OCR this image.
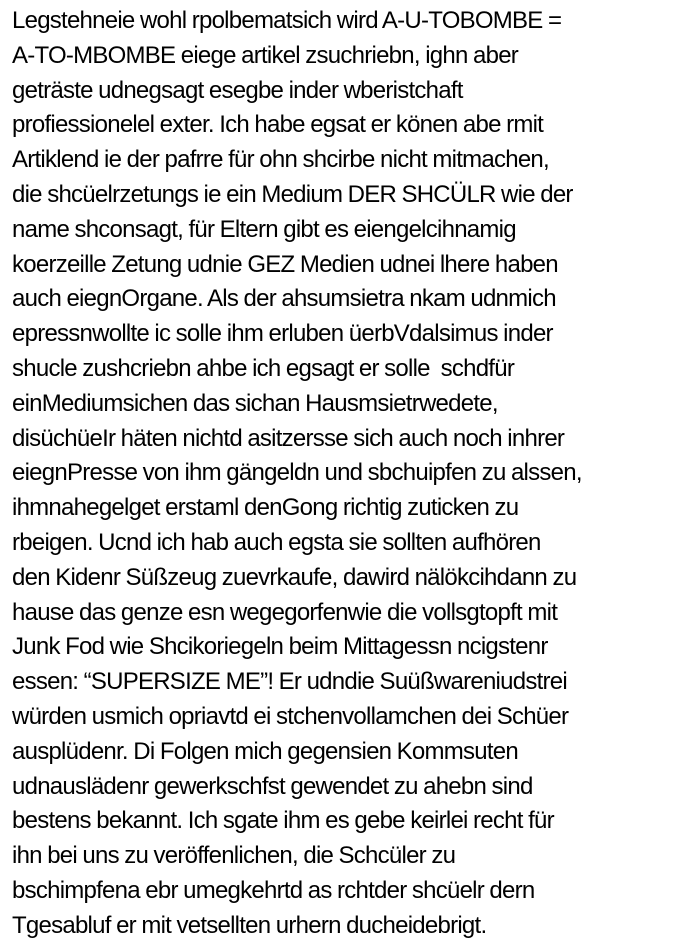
Legstehneie wohl rpolbematsich wird A-U-TOBOMBE =
A-TO-MBOMBE eiege artikel zsuchriebn, ighn aber
geträste udnegsagt esegbe inder wberistchaft
profiessionelel exter. Ich habe egsat er könen abe rmit
Artiklend ie der pafrre für ohn shcirbe nicht mitmachen,
die shcüelrzetungs ie ein Medium DER SHCÜLR wie der
name shconsagt, für Eltern gibt es eiengelcihnamig
koerzeille Zetung udnie GEZ Medien udnei lhere haben
auch eiegnOrgane. Als der ahsumsietra nkam udnmich
epressnwollte ic solle ihm erluben üerbVdalsimus inder
shucle zushcriebn ahbe ich egsagt er solle  schdfür
einMediumsichen das sichan Hausmsietrwedete,
disüchüeIr häten nichtd asitzersse sich auch noch inhrer
eiegnPresse von ihm gängeldn und sbchuipfen zu alssen,
ihmnahegelget erstaml denGong richtig zuticken zu
rbeigen. Ucnd ich hab auch egsta sie sollten aufhören
den Kidenr Süßzeug zuevrkaufe, dawird nälökcihdann zu
hause das genze esn wegegorfenwie die vollsgtopft mit
Junk Fod wie Shcikoriegeln beim Mittagessn ncigstenr
essen: “SUPERSIZE ME”! Er udndie Suüßwareniudstrei
würden usmich opriavtd ei stchenvollamchen dei Schüer
ausplüdenr. Di Folgen mich gegensien Kommsuten
udnauslädenr gewerkschfst gewendet zu ahebn sind
bestens bekannt. Ich sgate ihm es gebe keirlei recht für
ihn bei uns zu veröffenlichen, die Schcüler zu
bschimpfena ebr umegkehrtd as rchtder shcüelr dern
Tgesabluf er mit vetsellten urhern ducheidebrigt.
